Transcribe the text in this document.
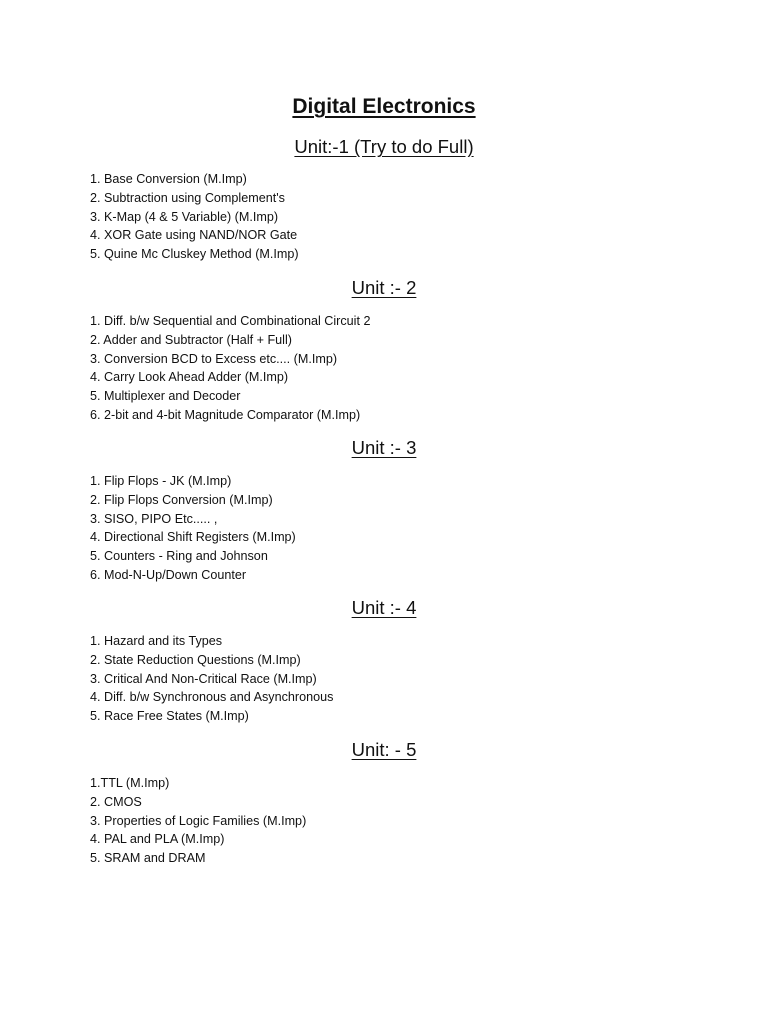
Digital Electronics
Unit:-1 (Try to do Full)
1. Base Conversion (M.Imp)
2. Subtraction using Complement's
3. K-Map (4 & 5 Variable) (M.Imp)
4. XOR Gate using NAND/NOR Gate
5. Quine Mc Cluskey Method (M.Imp)
Unit :- 2
1. Diff. b/w Sequential and Combinational Circuit 2
2. Adder and Subtractor (Half + Full)
3. Conversion BCD to Excess etc.... (M.Imp)
4. Carry Look Ahead Adder (M.Imp)
5. Multiplexer and Decoder
6. 2-bit and 4-bit Magnitude Comparator (M.Imp)
Unit :- 3
1. Flip Flops - JK (M.Imp)
2. Flip Flops Conversion (M.Imp)
3. SISO, PIPO Etc..... ,
4. Directional Shift Registers (M.Imp)
5. Counters - Ring and Johnson
6. Mod-N-Up/Down Counter
Unit :- 4
1. Hazard and its Types
2. State Reduction Questions (M.Imp)
3. Critical And Non-Critical Race (M.Imp)
4. Diff. b/w Synchronous and Asynchronous
5. Race Free States (M.Imp)
Unit: - 5
1.TTL (M.Imp)
2. CMOS
3. Properties of Logic Families (M.Imp)
4. PAL and PLA (M.Imp)
5. SRAM and DRAM
